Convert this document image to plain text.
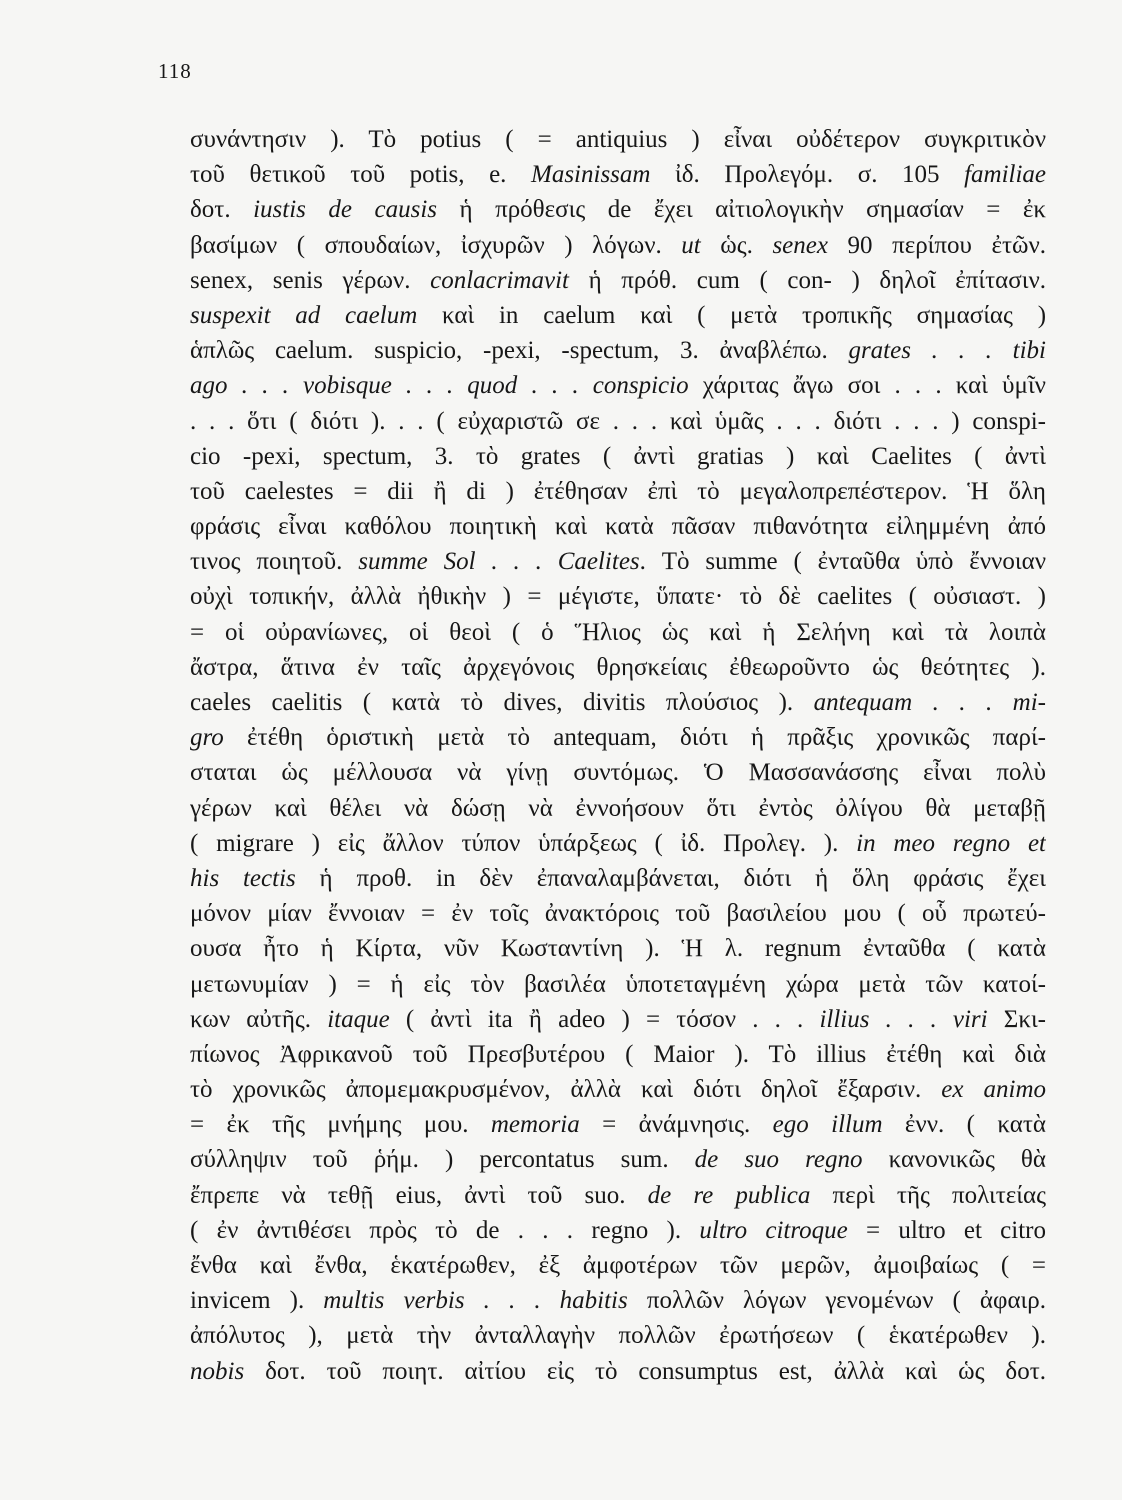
118
συνάντησιν ). Τὸ potius ( = antiquius ) εἶναι οὐδέτερον συγκριτικὸν
τοῦ θετικοῦ τοῦ potis, e. Masinissam ἰδ. Προλεγόμ. σ. 105 familiae
δοτ. iustis de causis ἡ πρόθεσις de ἔχει αἰτιολογικὴν σημασίαν = ἐκ
βασίμων ( σπουδαίων, ἰσχυρῶν ) λόγων. ut ὡς. senex 90 περίπου ἐτῶν.
senex, senis γέρων. conlacrimavit ἡ πρόθ. cum ( con- ) δηλοῖ ἐπίτασιν.
suspexit ad caelum καὶ in caelum καὶ ( μετὰ τροπικῆς σημασίας )
ἁπλῶς caelum. suspicio, -pexi, -spectum, 3. ἀναβλέπω. grates . . . tibi
ago . . . vobisque . . . quod . . . conspicio χάριτας ἄγω σοι . . . καὶ ὑμῖν
. . . ὅτι ( διότι ). . . ( εὐχαριστῶ σε . . . καὶ ὑμᾶς . . . διότι . . . ) conspi-
cio -pexi, spectum, 3. τὸ grates ( ἀντὶ gratias ) καὶ Caelites ( ἀντὶ
τοῦ caelestes = dii ἢ di ) ἐτέθησαν ἐπὶ τὸ μεγαλοπρεπέστερον. Ἡ ὅλη
φράσις εἶναι καθόλου ποιητικὴ καὶ κατὰ πᾶσαν πιθανότητα εἰλημμένη ἀπό
τινος ποιητοῦ. summe Sol . . . Caelites. Τὸ summe ( ἐνταῦθα ὑπὸ ἔννοιαν
οὐχὶ τοπικήν, ἀλλὰ ἠθικὴν ) = μέγιστε, ὕπατε· τὸ δὲ caelites ( οὐσιαστ. )
= οἱ οὐρανίωνες, οἱ θεοὶ ( ὁ Ἥλιος ὡς καὶ ἡ Σελήνη καὶ τὰ λοιπὰ
ἄστρα, ἅτινα ἐν ταῖς ἀρχεγόνοις θρησκείαις ἐθεωροῦντο ὡς θεότητες ).
caeles caelitis ( κατὰ τὸ dives, divitis πλούσιος ). antequam . . . mi-
gro ἐτέθη ὁριστικὴ μετὰ τὸ antequam, διότι ἡ πρᾶξις χρονικῶς παρί-
σταται ὡς μέλλουσα νὰ γίνῃ συντόμως. Ὁ Μασσανάσσης εἶναι πολὺ
γέρων καὶ θέλει νὰ δώσῃ νὰ ἐννοήσουν ὅτι ἐντὸς ὀλίγου θὰ μεταβῇ
( migrare ) εἰς ἄλλον τύπον ὑπάρξεως ( ἰδ. Προλεγ. ). in meo regno et
his tectis ἡ προθ. in δὲν ἐπαναλαμβάνεται, διότι ἡ ὅλη φράσις ἔχει
μόνον μίαν ἔννοιαν = ἐν τοῖς ἀνακτόροις τοῦ βασιλείου μου ( οὗ πρωτεύ-
ουσα ἦτο ἡ Κίρτα, νῦν Κωσταντίνη ). Ἡ λ. regnum ἐνταῦθα ( κατὰ
μετωνυμίαν ) = ἡ εἰς τὸν βασιλέα ὑποτεταγμένη χώρα μετὰ τῶν κατοί-
κων αὐτῆς. itaque ( ἀντὶ ita ἢ adeo ) = τόσον . . . illius . . . viri Σκι-
πίωνος Ἀφρικανοῦ τοῦ Πρεσβυτέρου ( Maior ). Τὸ illius ἐτέθη καὶ διὰ
τὸ χρονικῶς ἀπομεμακρυσμένον, ἀλλὰ καὶ διότι δηλοῖ ἔξαρσιν. ex animo
= ἐκ τῆς μνήμης μου. memoria = ἀνάμνησις. ego illum ἐνν. ( κατὰ
σύλληψιν τοῦ ῥήμ. ) percontatus sum. de suo regno κανονικῶς θὰ
ἔπρεπε νὰ τεθῇ eius, ἀντὶ τοῦ suo. de re publica περὶ τῆς πολιτείας
( ἐν ἀντιθέσει πρὸς τὸ de . . . regno ). ultro citroque = ultro et citro
ἔνθα καὶ ἔνθα, ἑκατέρωθεν, ἐξ ἀμφοτέρων τῶν μερῶν, ἀμοιβαίως ( =
invicem ). multis verbis . . . habitis πολλῶν λόγων γενομένων ( ἀφαιρ.
ἀπόλυτος ), μετὰ τὴν ἀνταλλαγὴν πολλῶν ἐρωτήσεων ( ἑκατέρωθεν ).
nobis δοτ. τοῦ ποιητ. αἰτίου εἰς τὸ consumptus est, ἀλλὰ καὶ ὡς δοτ.
